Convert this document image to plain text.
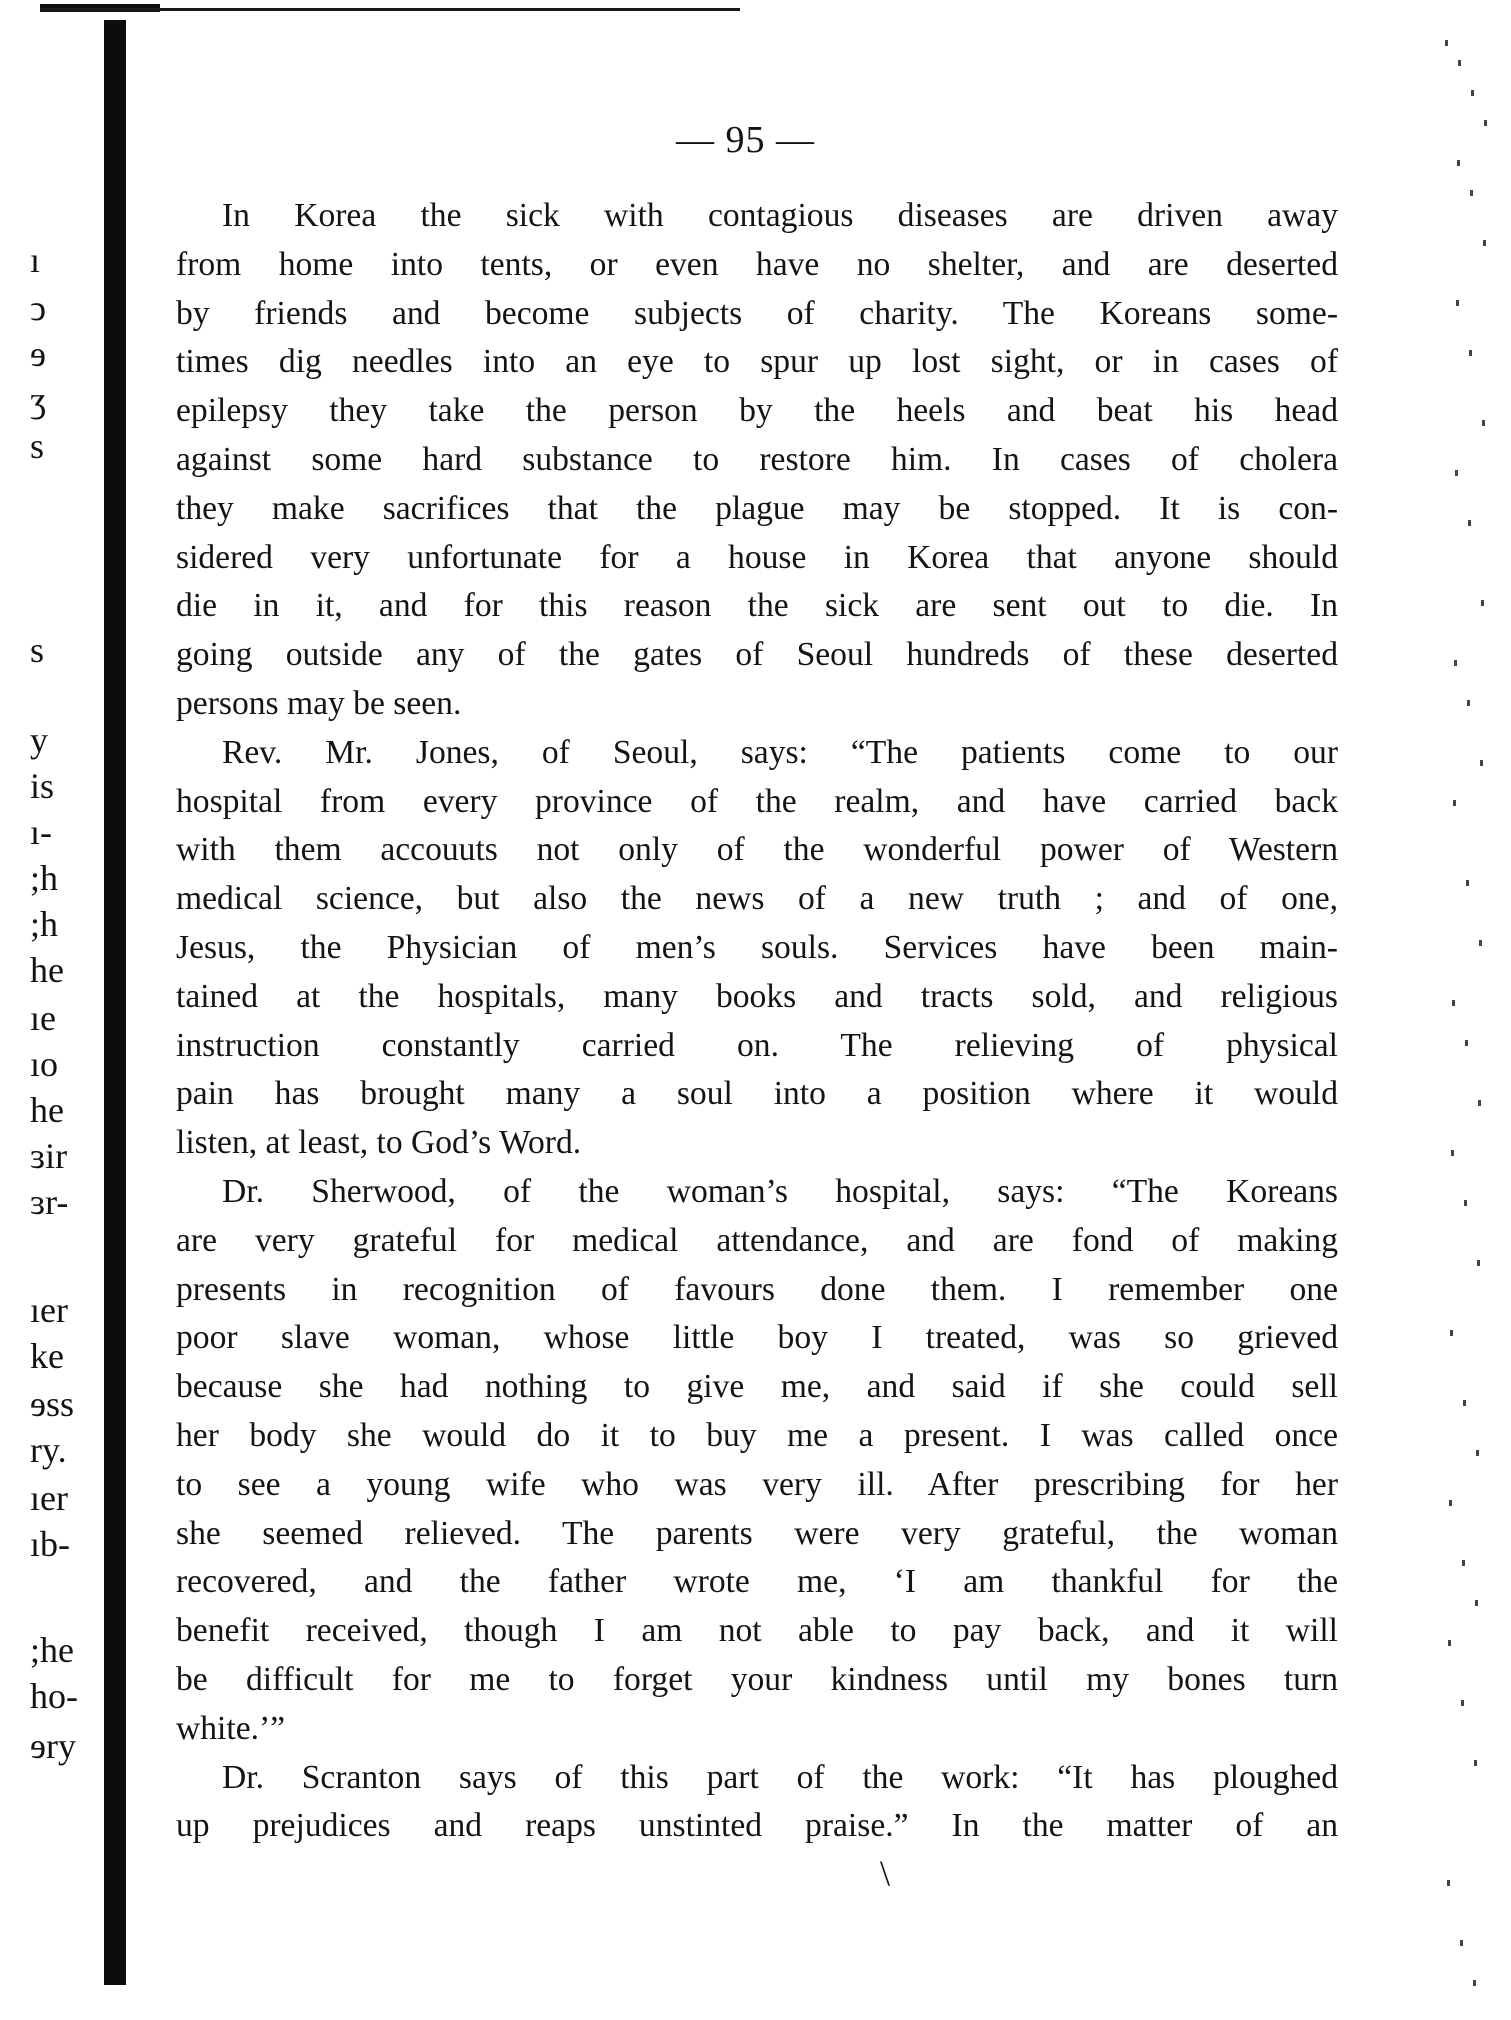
ı
ͻ
ɘ
ʒ
s
s
y
is
ı-
;h
;h
he
ıe
ıo
he
ɜir
ɜr-
ıer
ke
ɘss
ry.
ıer
ıb-
;he
ho-
ɘry
— 95 —
In Korea the sick with contagious diseases are driven away
from home into tents, or even have no shelter, and are deserted
by friends and become subjects of charity. The Koreans some-
times dig needles into an eye to spur up lost sight, or in cases of
epilepsy they take the person by the heels and beat his head
against some hard substance to restore him. In cases of cholera
they make sacrifices that the plague may be stopped. It is con-
sidered very unfortunate for a house in Korea that anyone should
die in it, and for this reason the sick are sent out to die. In
going outside any of the gates of Seoul hundreds of these deserted
persons may be seen.
Rev. Mr. Jones, of Seoul, says: “The patients come to our
hospital from every province of the realm, and have carried back
with them accouuts not only of the wonderful power of Western
medical science, but also the news of a new truth ; and of one,
Jesus, the Physician of men’s souls. Services have been main-
tained at the hospitals, many books and tracts sold, and religious
instruction constantly carried on. The relieving of physical
pain has brought many a soul into a position where it would
listen, at least, to God’s Word.
Dr. Sherwood, of the woman’s hospital, says: “The Koreans
are very grateful for medical attendance, and are fond of making
presents in recognition of favours done them. I remember one
poor slave woman, whose little boy I treated, was so grieved
because she had nothing to give me, and said if she could sell
her body she would do it to buy me a present. I was called once
to see a young wife who was very ill. After prescribing for her
she seemed relieved. The parents were very grateful, the woman
recovered, and the father wrote me, ‘I am thankful for the
benefit received, though I am not able to pay back, and it will
be difficult for me to forget your kindness until my bones turn
white.’”
Dr. Scranton says of this part of the work: “It has ploughed
up prejudices and reaps unstinted praise.” In the matter of an
\
